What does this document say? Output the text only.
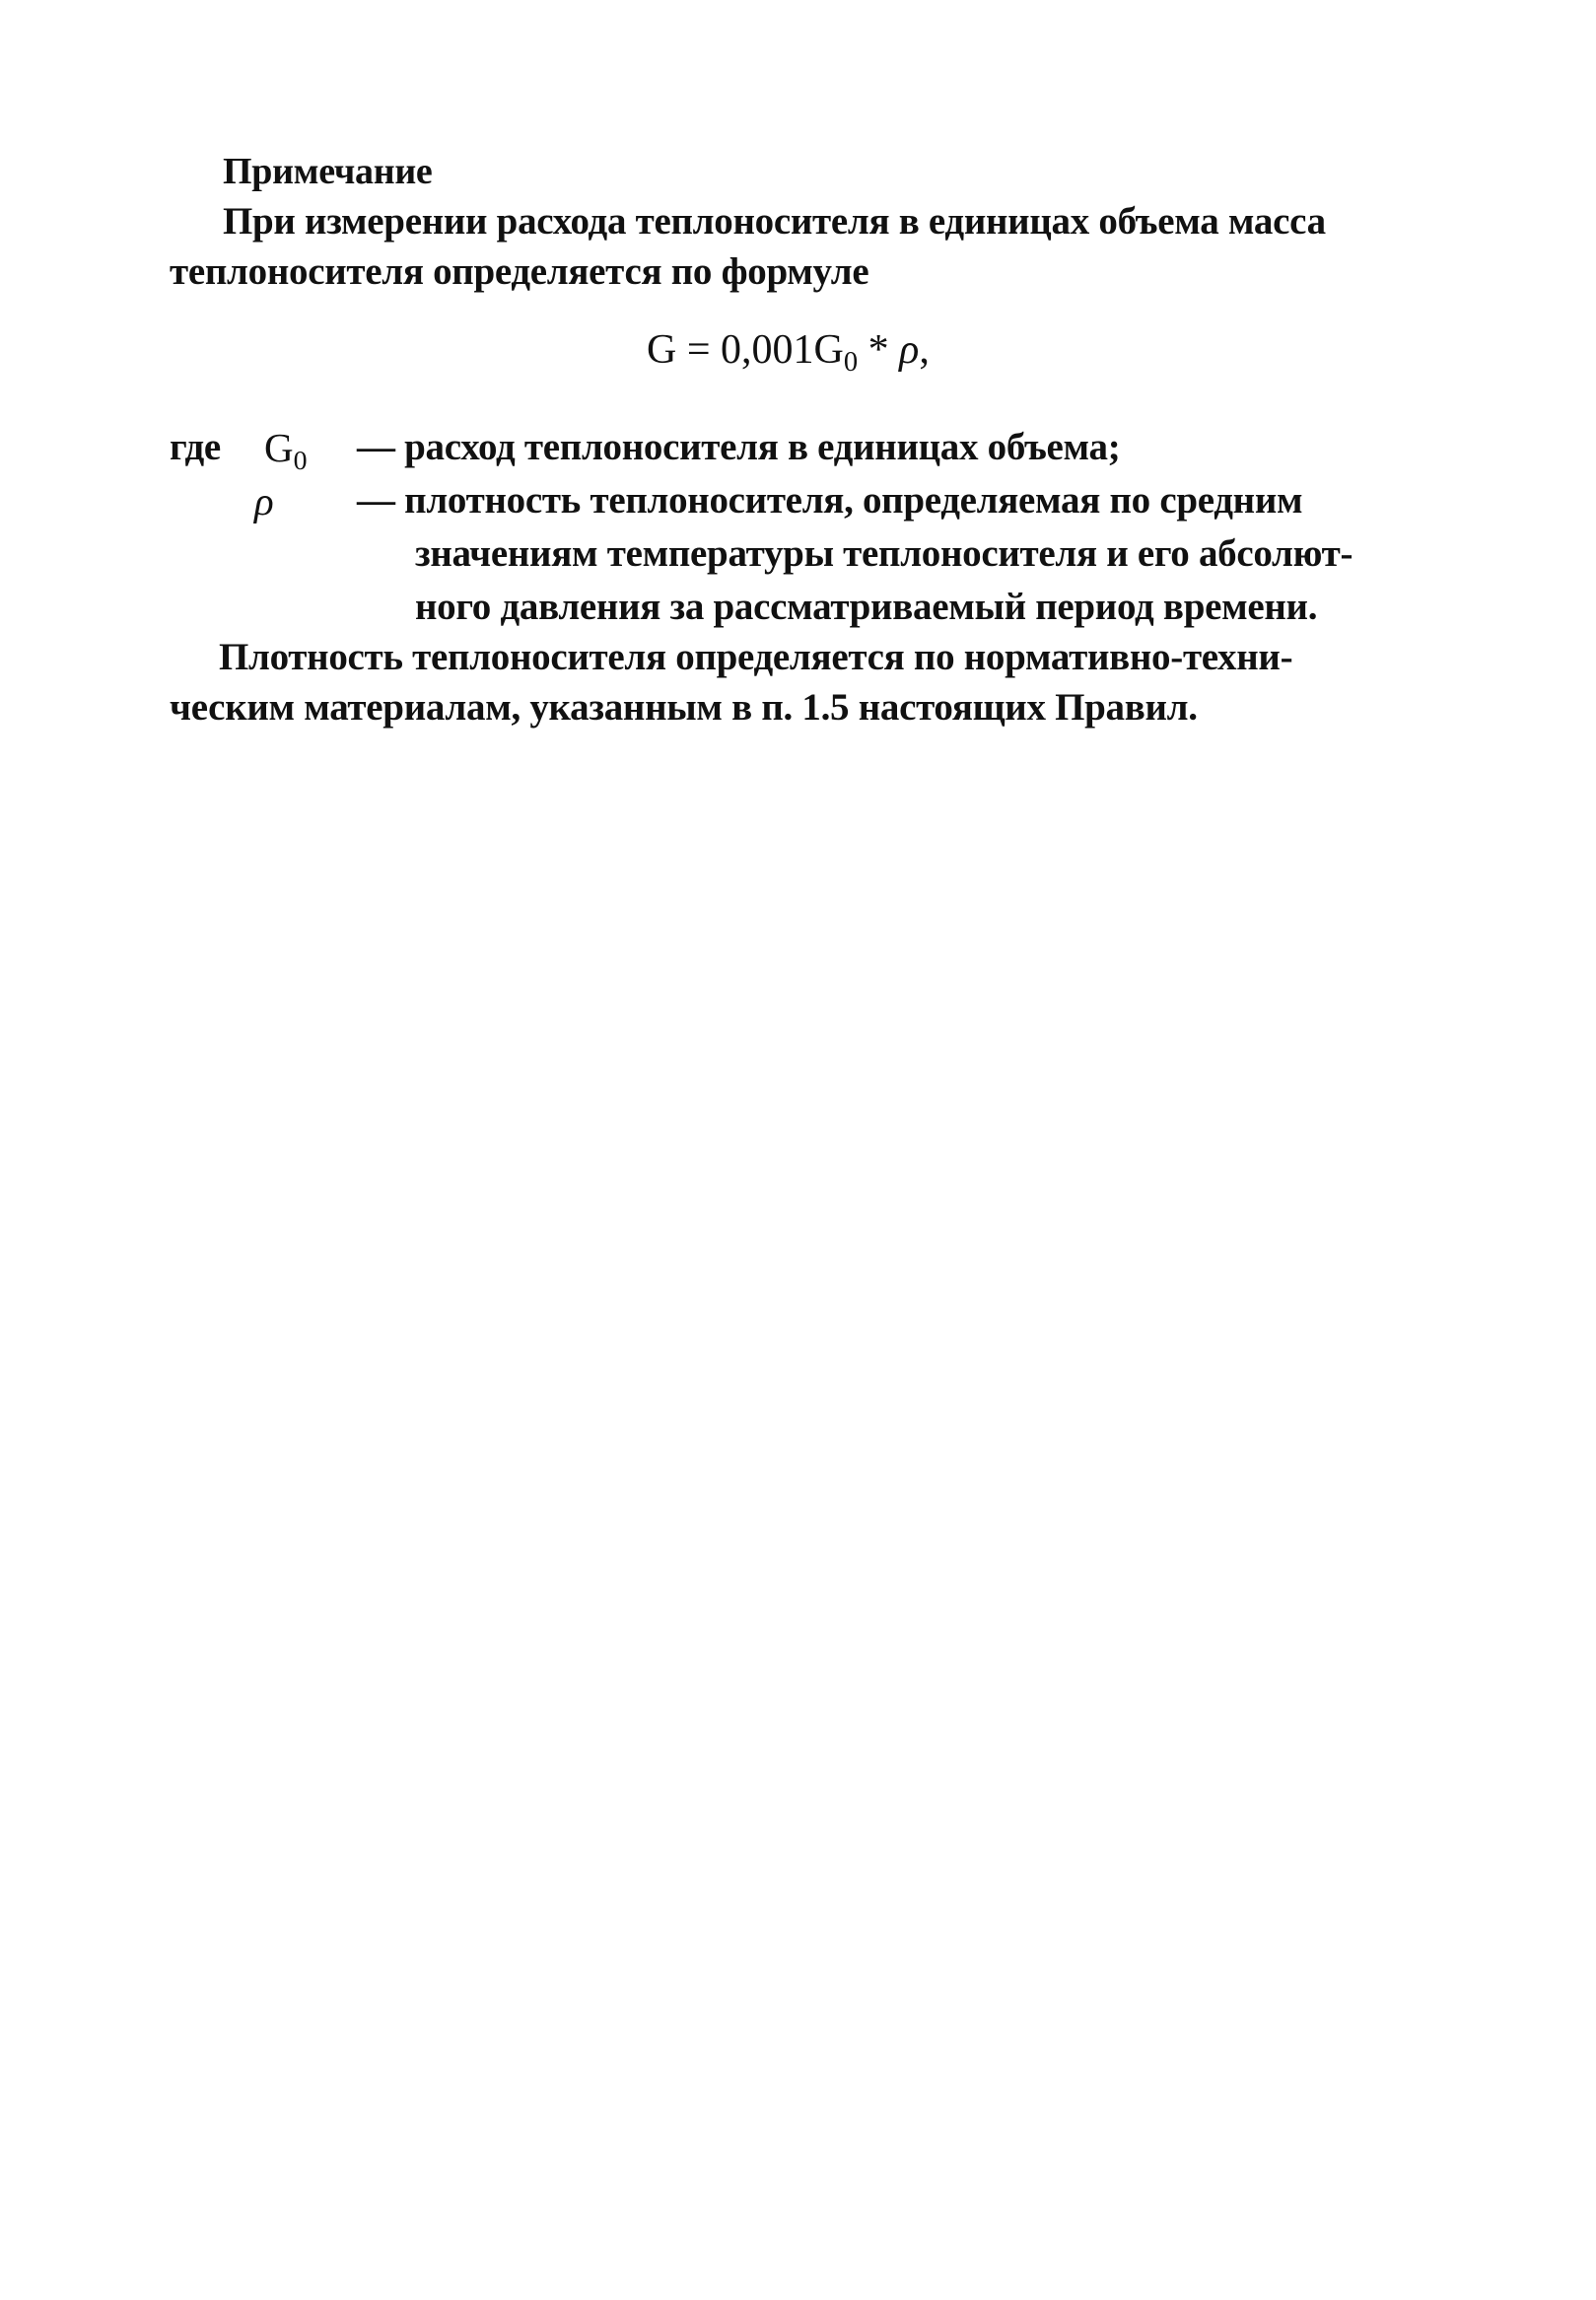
Примечание
При измерении расхода теплоносителя в единицах объема масса
теплоносителя определяется по формуле
$G = 0,001G_0 * \rho$,
где $G_0$ — расход теплоносителя в единицах объема;
ρ — плотность теплоносителя, определяемая по средним
значениям температуры теплоносителя и его абсолют-
ного давления за рассматриваемый период времени.
Плотность теплоносителя определяется по нормативно-техни-
ческим материалам, указанным в п. 1.5 настоящих Правил.
